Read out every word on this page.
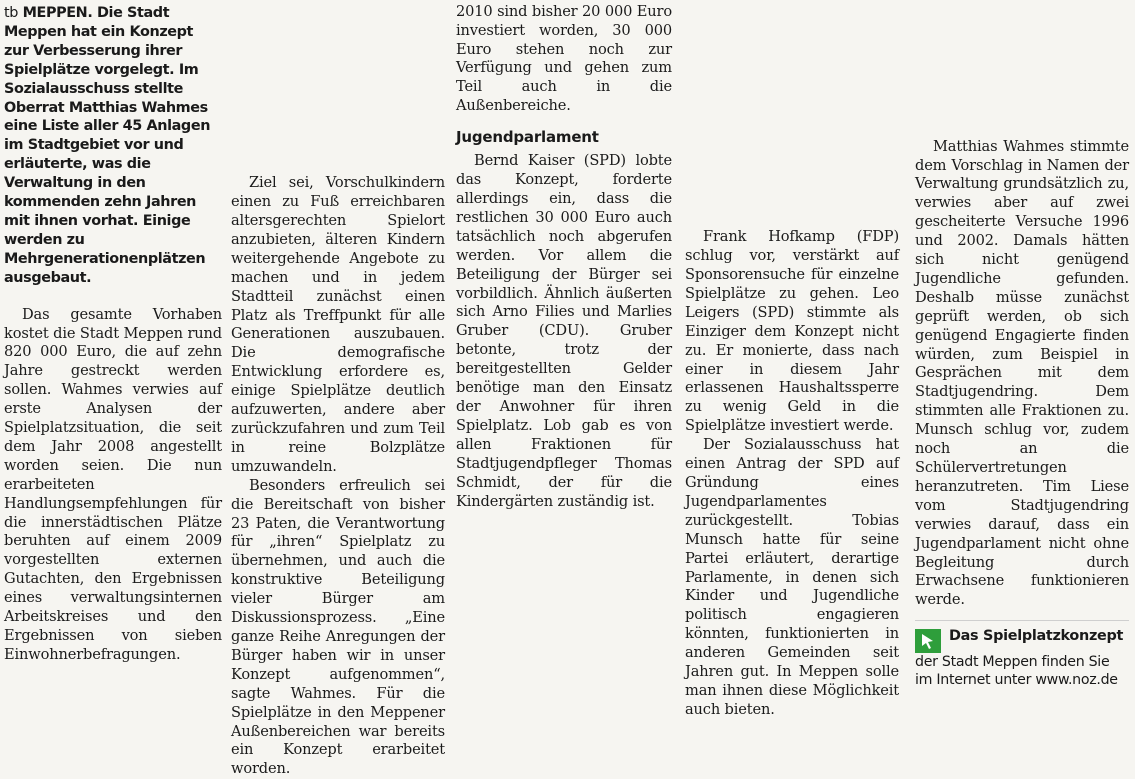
tb MEPPEN. Die Stadt Meppen hat ein Konzept zur Verbesserung ihrer Spielplätze vorgelegt. Im Sozialausschuss stellte Oberrat Matthias Wahmes eine Liste aller 45 Anlagen im Stadtgebiet vor und erläuterte, was die Verwaltung in den kommenden zehn Jahren mit ihnen vorhat. Einige werden zu Mehrgenerationenplätzen ausgebaut.

Das gesamte Vorhaben kostet die Stadt Meppen rund 820 000 Euro, die auf zehn Jahre gestreckt werden sollen. Wahmes verwies auf erste Analysen der Spielplatzsituation, die seit dem Jahr 2008 angestellt worden seien. Die nun erarbeiteten Handlungsempfehlungen für die innerstädtischen Plätze beruhten auf einem 2009 vorgestellten externen Gutachten, den Ergebnissen eines verwaltungsinternen Arbeitskreises und den Ergebnissen von sieben Einwohnerbefragungen.

Ziel sei, Vorschulkindern einen zu Fuß erreichbaren altersgerechten Spielort anzubieten, älteren Kindern weitergehende Angebote zu machen und in jedem Stadtteil zunächst einen Platz als Treffpunkt für alle Generationen auszubauen. Die demografische Entwicklung erfordere es, einige Spielplätze deutlich aufzuwerten, andere aber zurückzufahren und zum Teil in reine Bolzplätze umzuwandeln.

Besonders erfreulich sei die Bereitschaft von bisher 23 Paten, die Verantwortung für „ihren“ Spielplatz zu übernehmen, und auch die konstruktive Beteiligung vieler Bürger am Diskussionsprozess. „Eine ganze Reihe Anregungen der Bürger haben wir in unser Konzept aufgenommen“, sagte Wahmes. Für die Spielplätze in den Meppener Außenbereichen war bereits ein Konzept erarbeitet worden.

2010 sind bisher 20 000 Euro investiert worden, 30 000 Euro stehen noch zur Verfügung und gehen zum Teil auch in die Außenbereiche.

Jugendparlament

Bernd Kaiser (SPD) lobte das Konzept, forderte allerdings ein, dass die restlichen 30 000 Euro auch tatsächlich noch abgerufen werden. Vor allem die Beteiligung der Bürger sei vorbildlich. Ähnlich äußerten sich Arno Filies und Marlies Gruber (CDU). Gruber betonte, trotz der bereitgestellten Gelder benötige man den Einsatz der Anwohner für ihren Spielplatz. Lob gab es von allen Fraktionen für Stadtjugendpfleger Thomas Schmidt, der für die Kindergärten zuständig ist.

Frank Hofkamp (FDP) schlug vor, verstärkt auf Sponsorensuche für einzelne Spielplätze zu gehen. Leo Leigers (SPD) stimmte als Einziger dem Konzept nicht zu. Er monierte, dass nach einer in diesem Jahr erlassenen Haushaltssperre zu wenig Geld in die Spielplätze investiert werde.

Der Sozialausschuss hat einen Antrag der SPD auf Gründung eines Jugendparlamentes zurückgestellt. Tobias Munsch hatte für seine Partei erläutert, derartige Parlamente, in denen sich Kinder und Jugendliche politisch engagieren könnten, funktionierten in anderen Gemeinden seit Jahren gut. In Meppen solle man ihnen diese Möglichkeit auch bieten.

Matthias Wahmes stimmte dem Vorschlag in Namen der Verwaltung grundsätzlich zu, verwies aber auf zwei gescheiterte Versuche 1996 und 2002. Damals hätten sich nicht genügend Jugendliche gefunden. Deshalb müsse zunächst geprüft werden, ob sich genügend Engagierte finden würden, zum Beispiel in Gesprächen mit dem Stadtjugendring. Dem stimmten alle Fraktionen zu. Munsch schlug vor, zudem noch an die Schülervertretungen heranzutreten. Tim Liese vom Stadtjugendring verwies darauf, dass ein Jugendparlament nicht ohne Begleitung durch Erwachsene funktionieren werde.

Das Spielplatzkonzept
der Stadt Meppen finden Sie im Internet unter www.noz.de
